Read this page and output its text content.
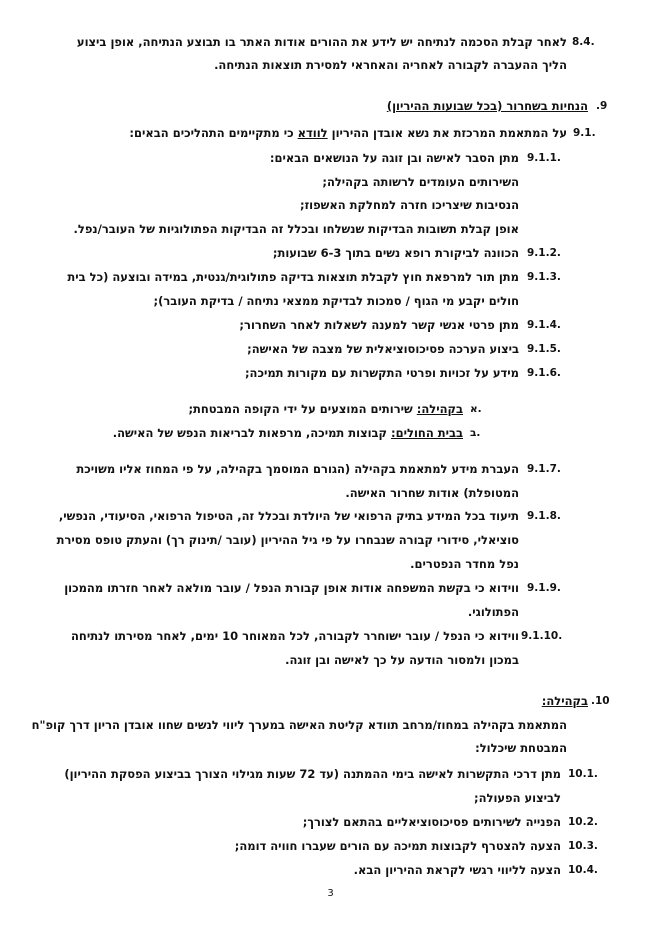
8.4.
לאחר קבלת הסכמה לנתיחה יש לידע את ההורים אודות האתר בו תבוצע הנתיחה, אופן ביצוע
הליך ההעברה לקבורה לאחריה והאחראי למסירת תוצאות הנתיחה.
.9
הנחיות בשחרור (בכל שבועות ההיריון)
9.1.
על המתאמת המרכזת את נשא אובדן ההיריון לוודא כי מתקיימים התהליכים הבאים:
9.1.1.
מתן הסבר לאישה ובן זוגה על הנושאים הבאים:
השירותים העומדים לרשותה בקהילה;
הנסיבות שיצריכו חזרה למחלקת האשפוז;
אופן קבלת תשובות הבדיקות שנשלחו ובכלל זה הבדיקות הפתולוגיות של העובר/נפל.
9.1.2.
הכוונה לביקורת רופא נשים בתוך 6-3 שבועות;
9.1.3.
מתן תור למרפאת חוץ לקבלת תוצאות בדיקה פתולוגית/גנטית, במידה ובוצעה (כל בית
חולים יקבע מי הגוף / סמכות לבדיקת ממצאי נתיחה / בדיקת העובר);
9.1.4.
מתן פרטי אנשי קשר למענה לשאלות לאחר השחרור;
9.1.5.
ביצוע הערכה פסיכוסוציאלית של מצבה של האישה;
9.1.6.
מידע על זכויות ופרטי התקשרות עם מקורות תמיכה;
א.
בקהילה: שירותים המוצעים על ידי הקופה המבטחת;
ב.
בבית החולים: קבוצות תמיכה, מרפאות לבריאות הנפש של האישה.
9.1.7.
העברת מידע למתאמת בקהילה (הגורם המוסמך בקהילה, על פי המחוז אליו משויכת
המטופלת) אודות שחרור האישה.
9.1.8.
תיעוד בכל המידע בתיק הרפואי של היולדת ובכלל זה, הטיפול הרפואי, הסיעודי, הנפשי,
סוציאלי, סידורי קבורה שנבחרו על פי גיל ההיריון (עובר /תינוק רך) והעתק טופס מסירת
נפל מחדר הנפטרים.
9.1.9.
ווידוא כי בקשת המשפחה אודות אופן קבורת הנפל / עובר מולאה לאחר חזרתו מהמכון
הפתולוגי.
9.1.10.
ווידוא כי הנפל / עובר ישוחרר לקבורה, לכל המאוחר 10 ימים, לאחר מסירתו לנתיחה
במכון ולמסור הודעה על כך לאישה ובן זוגה.
.10
בקהילה:
המתאמת בקהילה במחוז/מרחב תוודא קליטת האישה במערך ליווי לנשים שחוו אובדן הריון דרך קופ"ח
המבטחת שיכלול:
10.1.
מתן דרכי התקשרות לאישה בימי ההמתנה (עד 72 שעות מגילוי הצורך בביצוע הפסקת ההיריון)
לביצוע הפעולה;
10.2.
הפנייה לשירותים פסיכוסוציאליים בהתאם לצורך;
10.3.
הצעה להצטרף לקבוצות תמיכה עם הורים שעברו חוויה דומה;
10.4.
הצעה לליווי רגשי לקראת ההיריון הבא.
3
